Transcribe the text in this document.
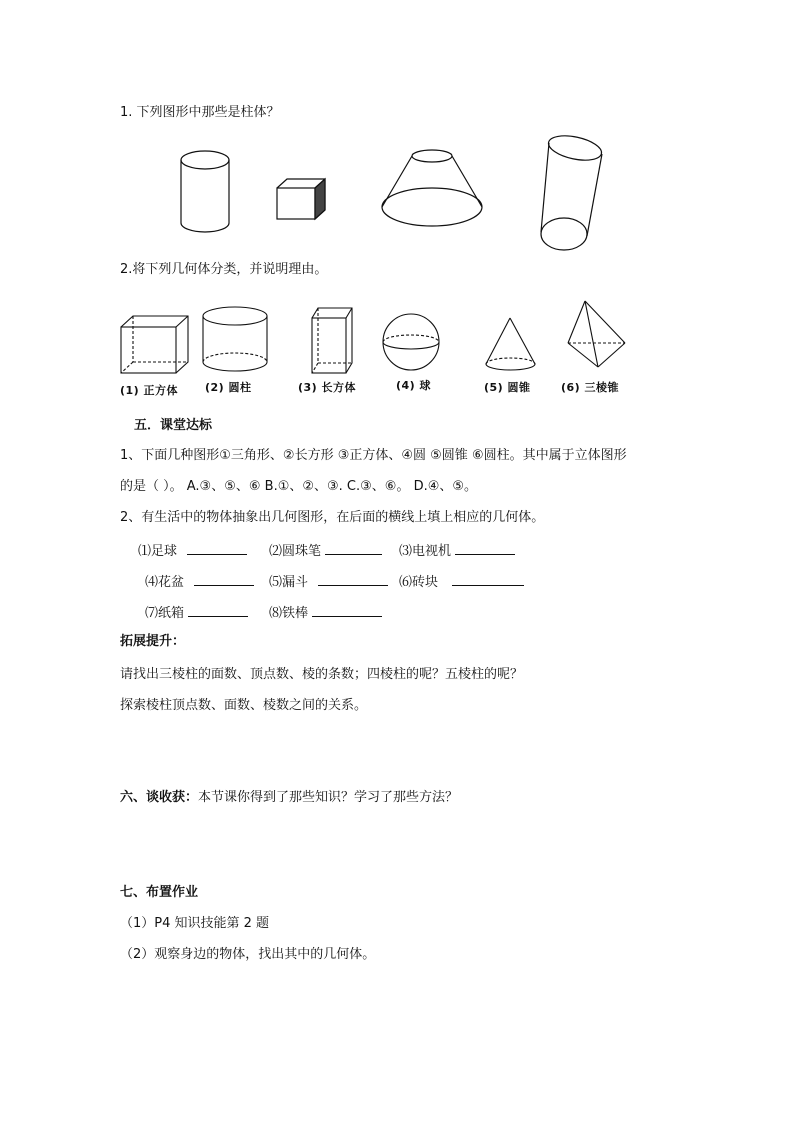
1. 下列图形中那些是柱体？
2.将下列几何体分类，并说明理由。
(1) 正方体 (2) 圆柱	(3) 长方体	(4) 球	(5) 圆锥	(6) 三棱锥
五．课堂达标
1、下面几种图形①三角形、②长方形 ③正方体、④圆 ⑤圆锥 ⑥圆柱。其中属于立体图形
的是（ ）。 A.③、⑤、⑥ B.①、②、③. C.③、⑥。 D.④、⑤。
2、有生活中的物体抽象出几何图形，在后面的横线上填上相应的几何体。
⑴足球	⑵圆珠笔	⑶电视机
⑷花盆	⑸漏斗	⑹砖块
⑺纸箱	⑻铁棒
拓展提升：
请找出三棱柱的面数、顶点数、棱的条数；四棱柱的呢？五棱柱的呢？
探索棱柱顶点数、面数、棱数之间的关系。
六、谈收获：本节课你得到了那些知识？学习了那些方法？
七、布置作业
（1）P4 知识技能第 2 题
（2）观察身边的物体，找出其中的几何体。
